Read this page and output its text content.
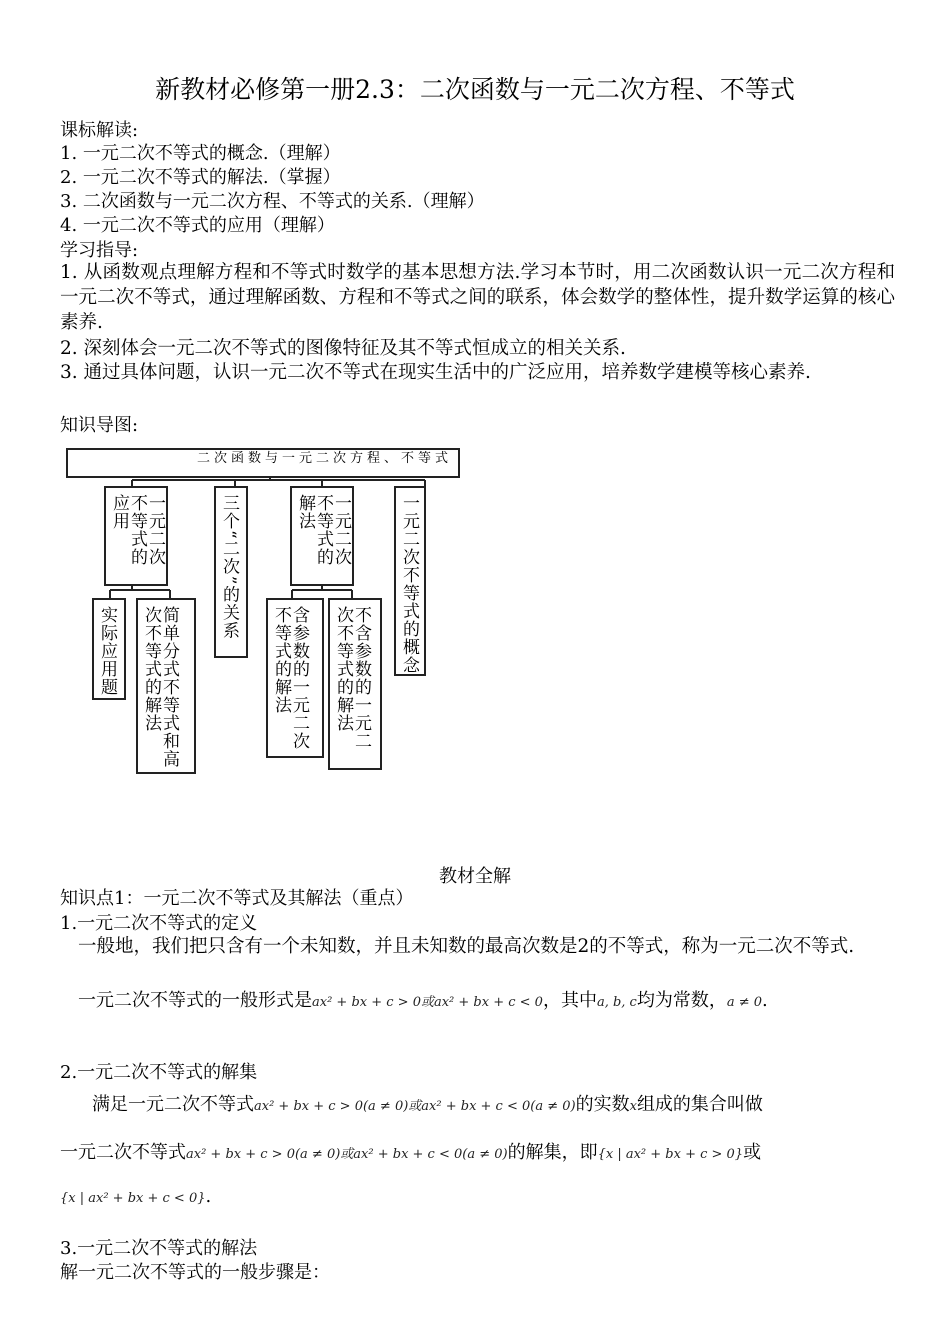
新教材必修第一册2.3：二次函数与一元二次方程、不等式
课标解读:
1. 一元二次不等式的概念.（理解）
2. 一元二次不等式的解法.（掌握）
3. 二次函数与一元二次方程、不等式的关系.（理解）
4. 一元二次不等式的应用（理解）
学习指导:
1. 从函数观点理解方程和不等式时数学的基本思想方法.学习本节时，用二次函数认识一元二次方程和一元二次不等式，通过理解函数、方程和不等式之间的联系，体会数学的整体性，提升数学运算的核心素养.
2. 深刻体会一元二次不等式的图像特征及其不等式恒成立的相关关系.
3. 通过具体问题，认识一元二次不等式在现实生活中的广泛应用，培养数学建模等核心素养.
知识导图:
二次函数与一元二次方程、不等式
一元二次不等式的概念
一元二次不等式的解法
三个“二次”的关系
一元二次不等式的应用
不含参数的一元二次不等式的解法
含参数的一元二次不等式的解法
简单分式不等式和高次不等式的解法
实际应用题
教材全解
知识点1：一元二次不等式及其解法（重点）
1.一元二次不等式的定义
一般地，我们把只含有一个未知数，并且未知数的最高次数是2的不等式，称为一元二次不等式.
一元二次不等式的一般形式是ax² + bx + c > 0或ax² + bx + c < 0，其中a, b, c均为常数，a ≠ 0.
2.一元二次不等式的解集
满足一元二次不等式ax² + bx + c > 0(a ≠ 0)或ax² + bx + c < 0(a ≠ 0)的实数x组成的集合叫做
一元二次不等式ax² + bx + c > 0(a ≠ 0)或ax² + bx + c < 0(a ≠ 0)的解集，即{x | ax² + bx + c > 0}或
{x | ax² + bx + c < 0}.
3.一元二次不等式的解法
解一元二次不等式的一般步骤是：
